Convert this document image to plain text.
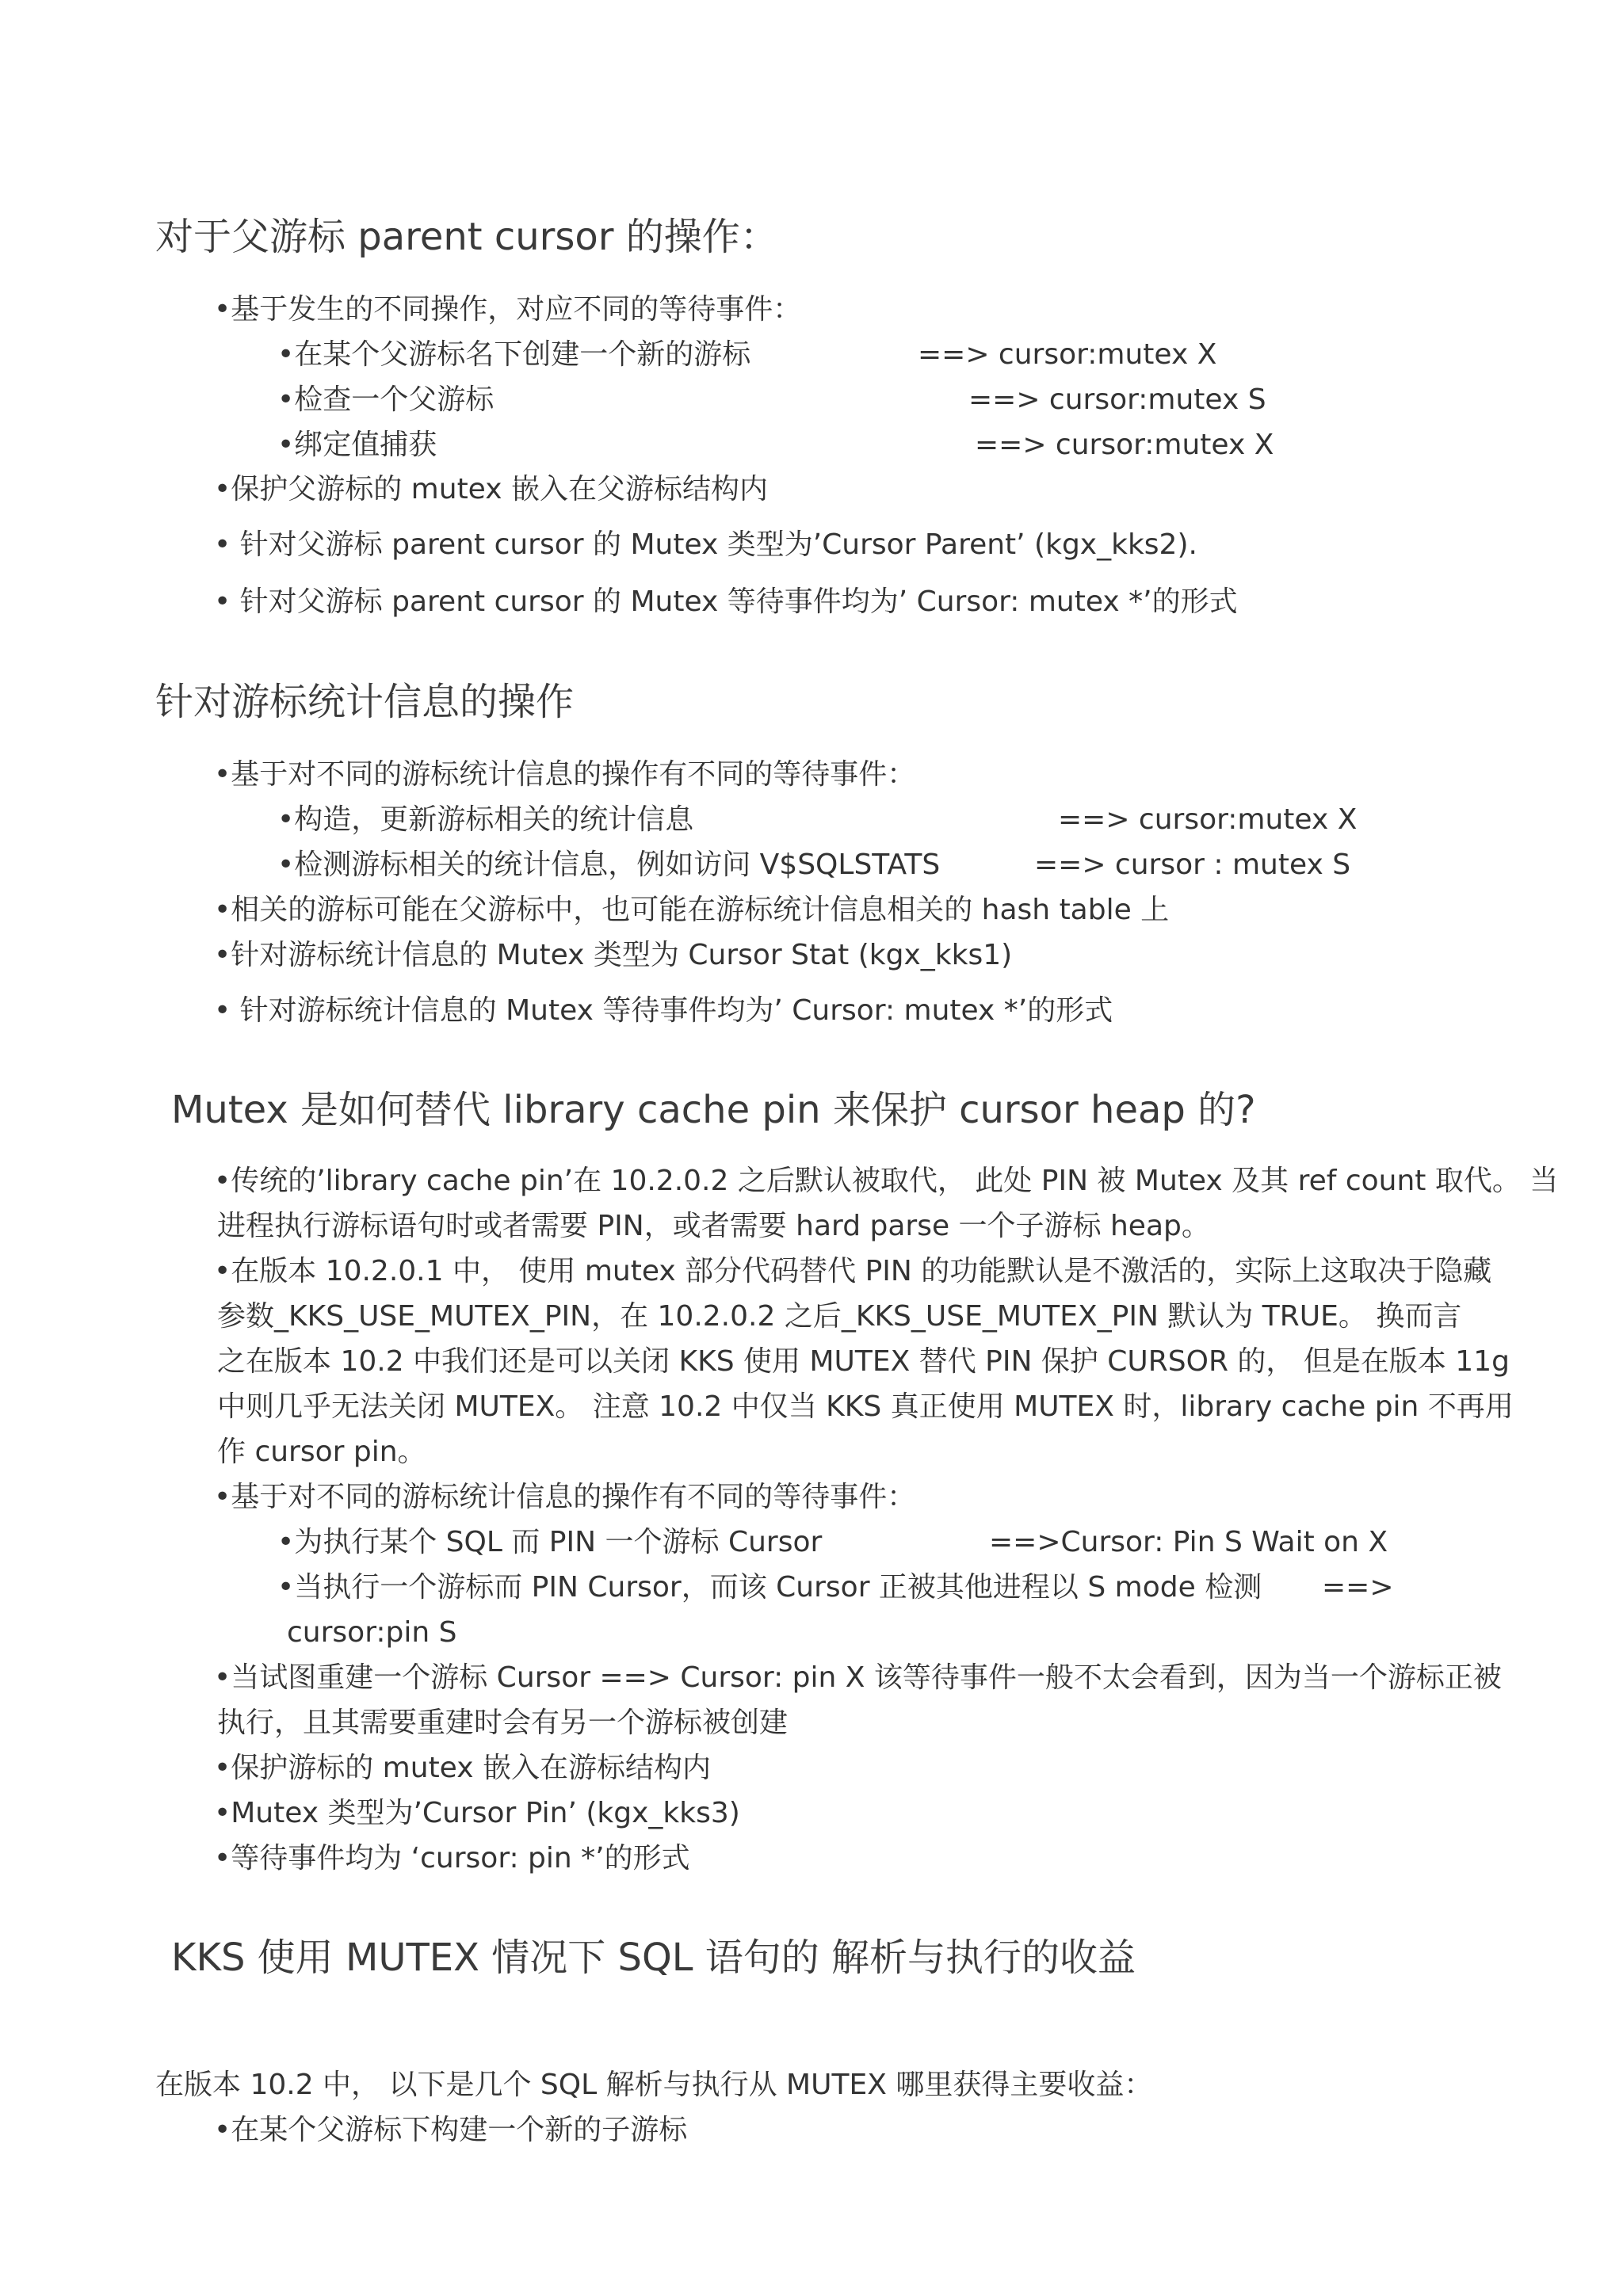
对于父游标 parent cursor 的操作：
•基于发生的不同操作，对应不同的等待事件：
•在某个父游标名下创建一个新的游标	==> cursor:mutex X
•检查一个父游标	==> cursor:mutex S
•绑定值捕获	==> cursor:mutex X
•保护父游标的 mutex 嵌入在父游标结构内
• 针对父游标 parent cursor 的 Mutex 类型为’Cursor Parent’ (kgx_kks2).
• 针对父游标 parent cursor 的 Mutex 等待事件均为’ Cursor: mutex *’的形式
针对游标统计信息的操作
•基于对不同的游标统计信息的操作有不同的等待事件：
•构造，更新游标相关的统计信息	==> cursor:mutex X
•检测游标相关的统计信息，例如访问 V$SQLSTATS	==> cursor : mutex S
•相关的游标可能在父游标中，也可能在游标统计信息相关的 hash table 上
•针对游标统计信息的 Mutex 类型为 Cursor Stat (kgx_kks1)
• 针对游标统计信息的 Mutex 等待事件均为’ Cursor: mutex *’的形式
Mutex 是如何替代 library cache pin 来保护 cursor heap 的?
•传统的’library cache pin’在 10.2.0.2 之后默认被取代， 此处 PIN 被 Mutex 及其 ref count 取代。 当
进程执行游标语句时或者需要 PIN，或者需要 hard parse 一个子游标 heap。
•在版本 10.2.0.1 中， 使用 mutex 部分代码替代 PIN 的功能默认是不激活的，实际上这取决于隐藏
参数_KKS_USE_MUTEX_PIN，在 10.2.0.2 之后_KKS_USE_MUTEX_PIN 默认为 TRUE。 换而言
之在版本 10.2 中我们还是可以关闭 KKS 使用 MUTEX 替代 PIN 保护 CURSOR 的， 但是在版本 11g
中则几乎无法关闭 MUTEX。 注意 10.2 中仅当 KKS 真正使用 MUTEX 时，library cache pin 不再用
作 cursor pin。
•基于对不同的游标统计信息的操作有不同的等待事件：
•为执行某个 SQL 而 PIN 一个游标 Cursor	==>Cursor: Pin S Wait on X
•当执行一个游标而 PIN Cursor，而该 Cursor 正被其他进程以 S mode 检测 ==>
cursor:pin S
•当试图重建一个游标 Cursor ==> Cursor: pin X 该等待事件一般不太会看到，因为当一个游标正被
执行，且其需要重建时会有另一个游标被创建
•保护游标的 mutex 嵌入在游标结构内
•Mutex 类型为’Cursor Pin’ (kgx_kks3)
•等待事件均为 ‘cursor: pin *’的形式
KKS 使用 MUTEX 情况下 SQL 语句的 解析与执行的收益
在版本 10.2 中， 以下是几个 SQL 解析与执行从 MUTEX 哪里获得主要收益：
•在某个父游标下构建一个新的子游标
